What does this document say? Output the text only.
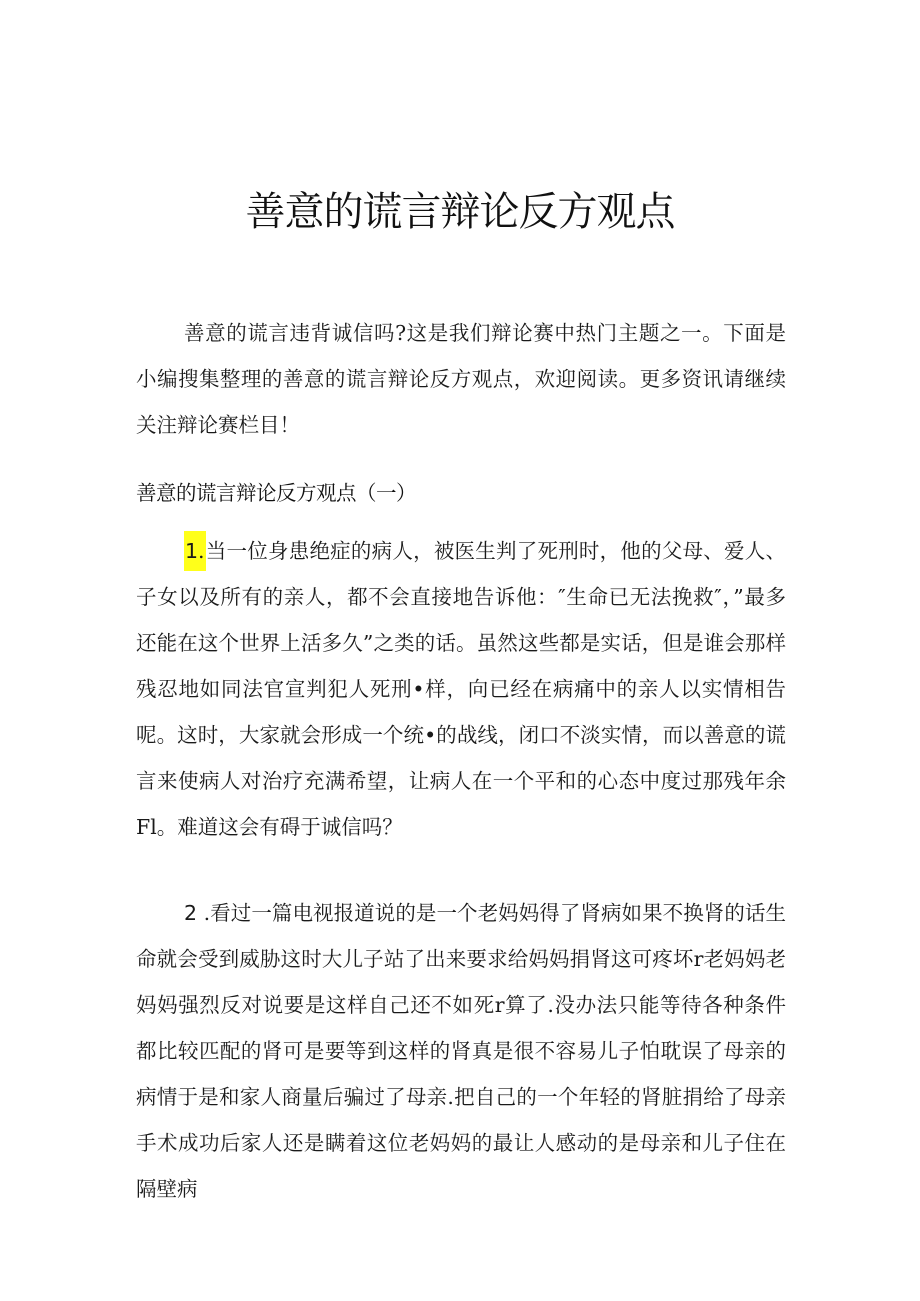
善意的谎言辩论反方观点

善意的谎言违背诚信吗?这是我们辩论赛中热门主题之一。下面是小编搜集整理的善意的谎言辩论反方观点，欢迎阅读。更多资讯请继续关注辩论赛栏目！

善意的谎言辩论反方观点（一）

1.当一位身患绝症的病人，被医生判了死刑时，他的父母、爱人、子女以及所有的亲人，都不会直接地告诉他：″生命已无法挽救″，”最多还能在这个世界上活多久”之类的话。虽然这些都是实话，但是谁会那样残忍地如同法官宣判犯人死刑•样，向已经在病痛中的亲人以实情相告呢。这时，大家就会形成一个统•的战线，闭口不淡实情，而以善意的谎言来使病人对治疗充满希望，让病人在一个平和的心态中度过那残年余Fl。难道这会有碍于诚信吗？

2 .看过一篇电视报道说的是一个老妈妈得了肾病如果不换肾的话生命就会受到威胁这时大儿子站了出来要求给妈妈捐肾这可疼坏r老妈妈老妈妈强烈反对说要是这样自己还不如死r算了.没办法只能等待各种条件都比较匹配的肾可是要等到这样的肾真是很不容易儿子怕耽误了母亲的病情于是和家人商量后骗过了母亲.把自己的一个年轻的肾脏捐给了母亲手术成功后家人还是瞒着这位老妈妈的最让人感动的是母亲和儿子住在隔壁病
